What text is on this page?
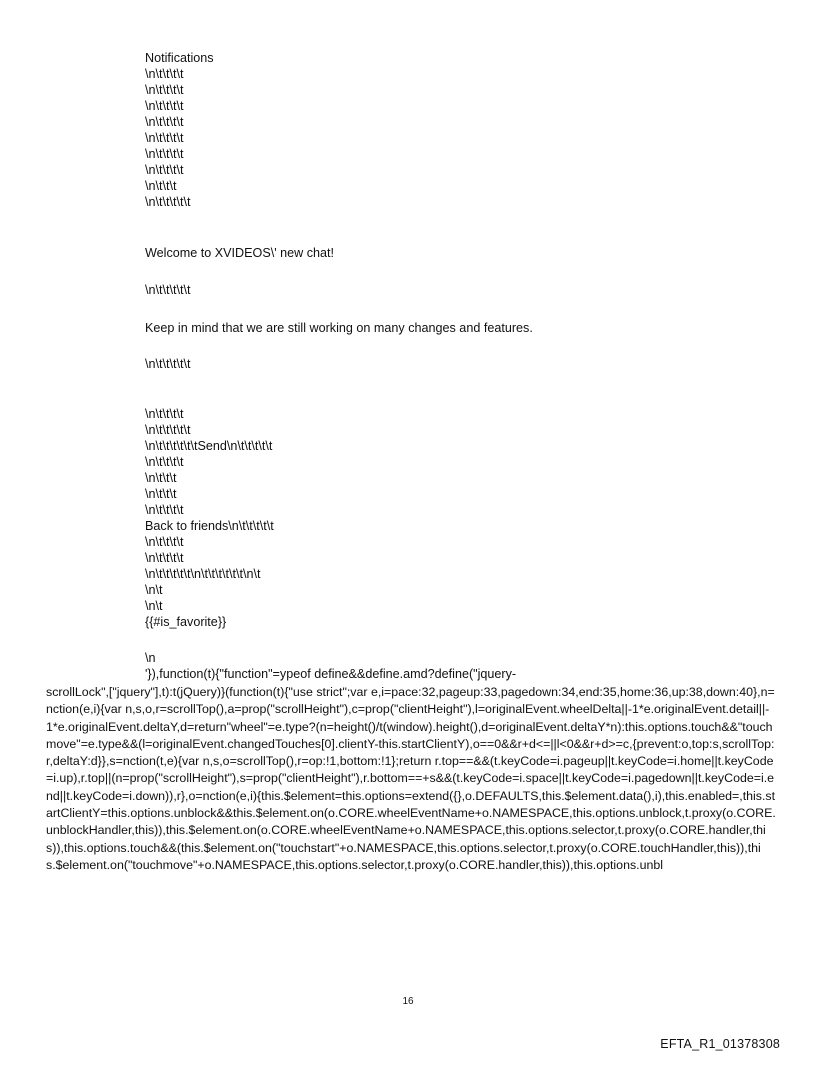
Notifications
\n\t\t\t\t
\n\t\t\t\t
\n\t\t\t\t
\n\t\t\t\t
\n\t\t\t\t
\n\t\t\t\t
\n\t\t\t\t
\n\t\t\t
\n\t\t\t\t\t
Welcome to XVIDEOS\' new chat!
\n\t\t\t\t\t
Keep in mind that we are still working on many changes and features.
\n\t\t\t\t\t
\n\t\t\t\t
\n\t\t\t\t\t
\n\t\t\t\t\t\tSend\n\t\t\t\t\t
\n\t\t\t\t
\n\t\t\t
\n\t\t\t
\n\t\t\t\t
Back to friends\n\t\t\t\t\t
\n\t\t\t\t
\n\t\t\t\t
\n\t\t\t\t\t\n\t\t\t\t\t\t\n\t
\n\t
\n\t
{{#is_favorite}}
\n
'}),function(t){"function"=ypeof define&&define.amd?define("jquery-

scrollLock",["jquery"],t):t(jQuery)}(function(t){"use strict";var e,i=pace:32,pageup:33,pagedown:34,end:35,home:36,up:38,down:40},n=nction(e,i){var n,s,o,r=scrollTop(),a=prop("scrollHeight"),c=prop("clientHeight"),l=originalEvent.wheelDelta||-1*e.originalEvent.detail||-1*e.originalEvent.deltaY,d=return"wheel"=e.type?(n=height()/t(window).height(),d=originalEvent.deltaY*n):this.options.touch&&"touchmove"=e.type&&(l=originalEvent.changedTouches[0].clientY-this.startClientY),o==0&&r+d<=||l<0&&r+d>=c,{prevent:o,top:s,scrollTop:r,deltaY:d}},s=nction(t,e){var n,s,o=scrollTop(),r=op:!1,bottom:!1};return r.top==&&(t.keyCode=i.pageup||t.keyCode=i.home||t.keyCode=i.up),r.top||(n=prop("scrollHeight"),s=prop("clientHeight"),r.bottom==+s&&(t.keyCode=i.space||t.keyCode=i.pagedown||t.keyCode=i.end||t.keyCode=i.down)),r},o=nction(e,i){this.$element=this.options=extend({},o.DEFAULTS,this.$element.data(),i),this.enabled=,this.startClientY=this.options.unblock&&this.$element.on(o.CORE.wheelEventName+o.NAMESPACE,this.options.unblock,t.proxy(o.CORE.unblockHandler,this)),this.$element.on(o.CORE.wheelEventName+o.NAMESPACE,this.options.selector,t.proxy(o.CORE.handler,this)),this.options.touch&&(this.$element.on("touchstart"+o.NAMESPACE,this.options.selector,t.proxy(o.CORE.touchHandler,this)),this.$element.on("touchmove"+o.NAMESPACE,this.options.selector,t.proxy(o.CORE.handler,this)),this.options.unbl

16
EFTA_R1_01378308
